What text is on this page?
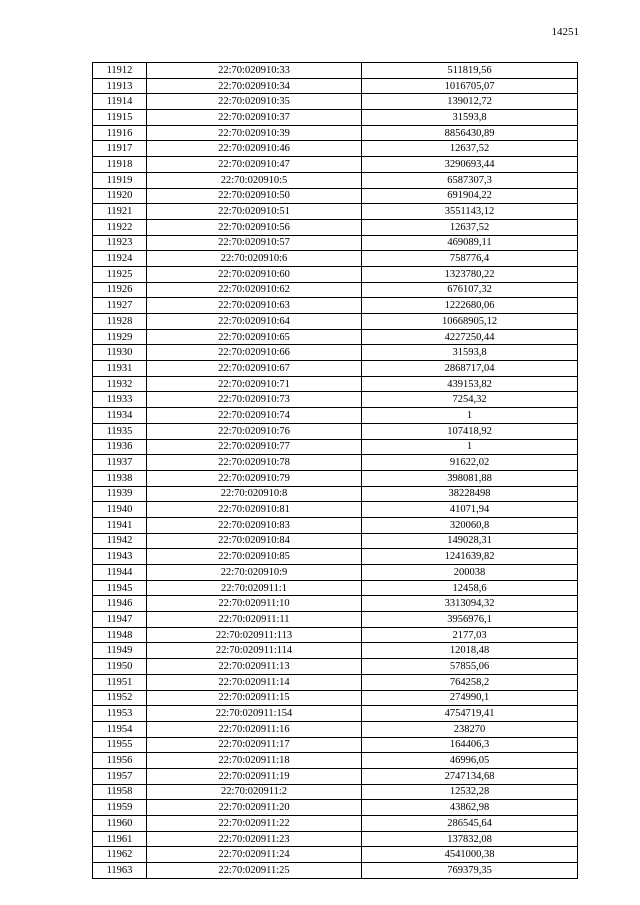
14251
11912	22:70:020910:33	511819,56
11913	22:70:020910:34	1016705,07
11914	22:70:020910:35	139012,72
11915	22:70:020910:37	31593,8
11916	22:70:020910:39	8856430,89
11917	22:70:020910:46	12637,52
11918	22:70:020910:47	3290693,44
11919	22:70:020910:5	6587307,3
11920	22:70:020910:50	691904,22
11921	22:70:020910:51	3551143,12
11922	22:70:020910:56	12637,52
11923	22:70:020910:57	469089,11
11924	22:70:020910:6	758776,4
11925	22:70:020910:60	1323780,22
11926	22:70:020910:62	676107,32
11927	22:70:020910:63	1222680,06
11928	22:70:020910:64	10668905,12
11929	22:70:020910:65	4227250,44
11930	22:70:020910:66	31593,8
11931	22:70:020910:67	2868717,04
11932	22:70:020910:71	439153,82
11933	22:70:020910:73	7254,32
11934	22:70:020910:74	1
11935	22:70:020910:76	107418,92
11936	22:70:020910:77	1
11937	22:70:020910:78	91622,02
11938	22:70:020910:79	398081,88
11939	22:70:020910:8	38228498
11940	22:70:020910:81	41071,94
11941	22:70:020910:83	320060,8
11942	22:70:020910:84	149028,31
11943	22:70:020910:85	1241639,82
11944	22:70:020910:9	200038
11945	22:70:020911:1	12458,6
11946	22:70:020911:10	3313094,32
11947	22:70:020911:11	3956976,1
11948	22:70:020911:113	2177,03
11949	22:70:020911:114	12018,48
11950	22:70:020911:13	57855,06
11951	22:70:020911:14	764258,2
11952	22:70:020911:15	274990,1
11953	22:70:020911:154	4754719,41
11954	22:70:020911:16	238270
11955	22:70:020911:17	164406,3
11956	22:70:020911:18	46996,05
11957	22:70:020911:19	2747134,68
11958	22:70:020911:2	12532,28
11959	22:70:020911:20	43862,98
11960	22:70:020911:22	286545,64
11961	22:70:020911:23	137832,08
11962	22:70:020911:24	4541000,38
11963	22:70:020911:25	769379,35
